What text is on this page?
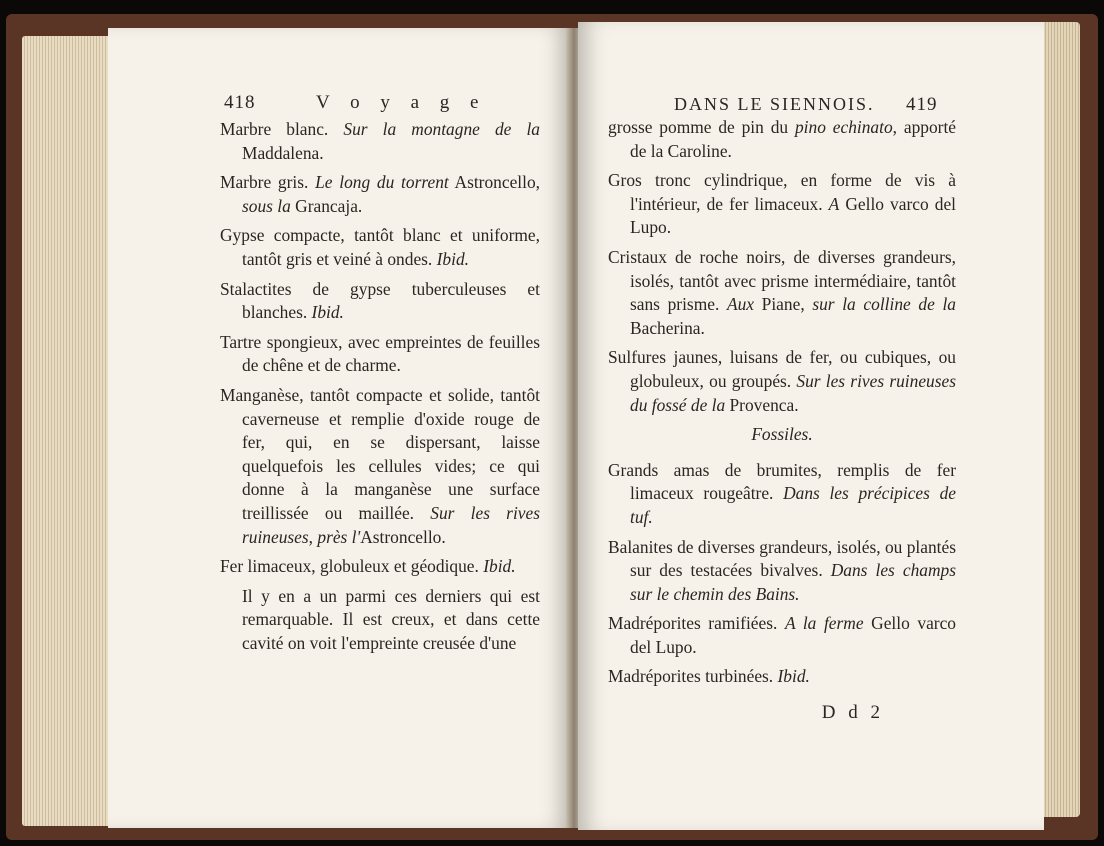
418	V o y a g e
Marbre blanc. Sur la montagne de la Maddalena.
Marbre gris. Le long du torrent Astroncello, sous la Grancaja.
Gypse compacte, tantôt blanc et uniforme, tantôt gris et veiné à ondes. Ibid.
Stalactites de gypse tuberculeuses et blanches. Ibid.
Tartre spongieux, avec empreintes de feuilles de chêne et de charme.
Manganèse, tantôt compacte et solide, tantôt caverneuse et remplie d'oxide rouge de fer, qui, en se dispersant, laisse quelquefois les cellules vides; ce qui donne à la manganèse une surface treillissée ou maillée. Sur les rives ruineuses, près l'Astroncello.
Fer limaceux, globuleux et géodique. Ibid.
Il y en a un parmi ces derniers qui est remarquable. Il est creux, et dans cette cavité on voit l'empreinte creusée d'une
DANS LE SIENNOIS. 419
grosse pomme de pin du pino echinato, apporté de la Caroline.
Gros tronc cylindrique, en forme de vis à l'intérieur, de fer limaceux. A Gello varco del Lupo.
Cristaux de roche noirs, de diverses grandeurs, isolés, tantôt avec prisme intermédiaire, tantôt sans prisme. Aux Piane, sur la colline de la Bacherina.
Sulfures jaunes, luisans de fer, ou cubiques, ou globuleux, ou groupés. Sur les rives ruineuses du fossé de la Provenca.
Fossiles.
Grands amas de brumites, remplis de fer limaceux rougeâtre. Dans les précipices de tuf.
Balanites de diverses grandeurs, isolés, ou plantés sur des testacées bivalves. Dans les champs sur le chemin des Bains.
Madréporites ramifiées. A la ferme Gello varco del Lupo.
Madréporites turbinées. Ibid.
D d 2
